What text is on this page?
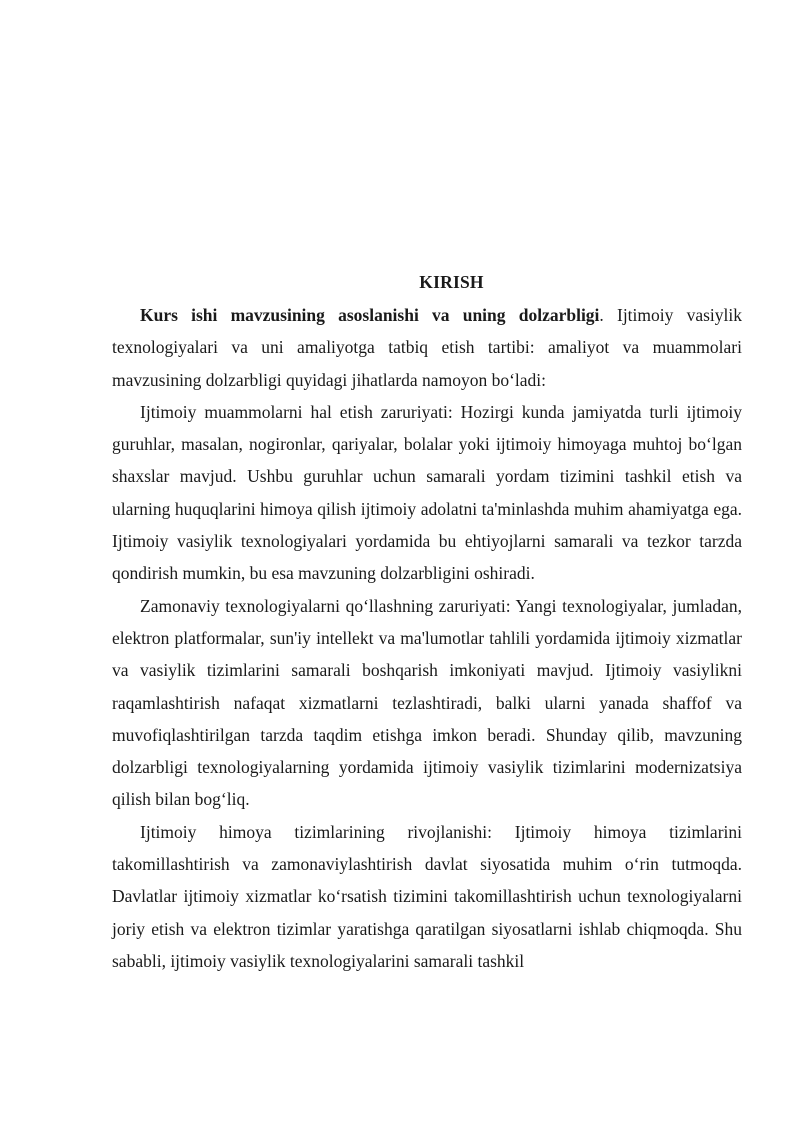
KIRISH

Kurs ishi mavzusining asoslanishi va uning dolzarbligi. Ijtimoiy vasiylik texnologiyalari va uni amaliyotga tatbiq etish tartibi: amaliyot va muammolari mavzusining dolzarbligi quyidagi jihatlarda namoyon bo‘ladi:

Ijtimoiy muammolarni hal etish zaruriyati: Hozirgi kunda jamiyatda turli ijtimoiy guruhlar, masalan, nogironlar, qariyalar, bolalar yoki ijtimoiy himoyaga muhtoj bo‘lgan shaxslar mavjud. Ushbu guruhlar uchun samarali yordam tizimini tashkil etish va ularning huquqlarini himoya qilish ijtimoiy adolatni ta'minlashda muhim ahamiyatga ega. Ijtimoiy vasiylik texnologiyalari yordamida bu ehtiyojlarni samarali va tezkor tarzda qondirish mumkin, bu esa mavzuning dolzarbligini oshiradi.

Zamonaviy texnologiyalarni qo‘llashning zaruriyati: Yangi texnologiyalar, jumladan, elektron platformalar, sun'iy intellekt va ma'lumotlar tahlili yordamida ijtimoiy xizmatlar va vasiylik tizimlarini samarali boshqarish imkoniyati mavjud. Ijtimoiy vasiylikni raqamlashtirish nafaqat xizmatlarni tezlashtiradi, balki ularni yanada shaffof va muvofiqlashtirilgan tarzda taqdim etishga imkon beradi. Shunday qilib, mavzuning dolzarbligi texnologiyalarning yordamida ijtimoiy vasiylik tizimlarini modernizatsiya qilish bilan bog‘liq.

Ijtimoiy himoya tizimlarining rivojlanishi: Ijtimoiy himoya tizimlarini takomillashtirish va zamonaviylashtirish davlat siyosatida muhim o‘rin tutmoqda. Davlatlar ijtimoiy xizmatlar ko‘rsatish tizimini takomillashtirish uchun texnologiyalarni joriy etish va elektron tizimlar yaratishga qaratilgan siyosatlarni ishlab chiqmoqda. Shu sababli, ijtimoiy vasiylik texnologiyalarini samarali tashkil
